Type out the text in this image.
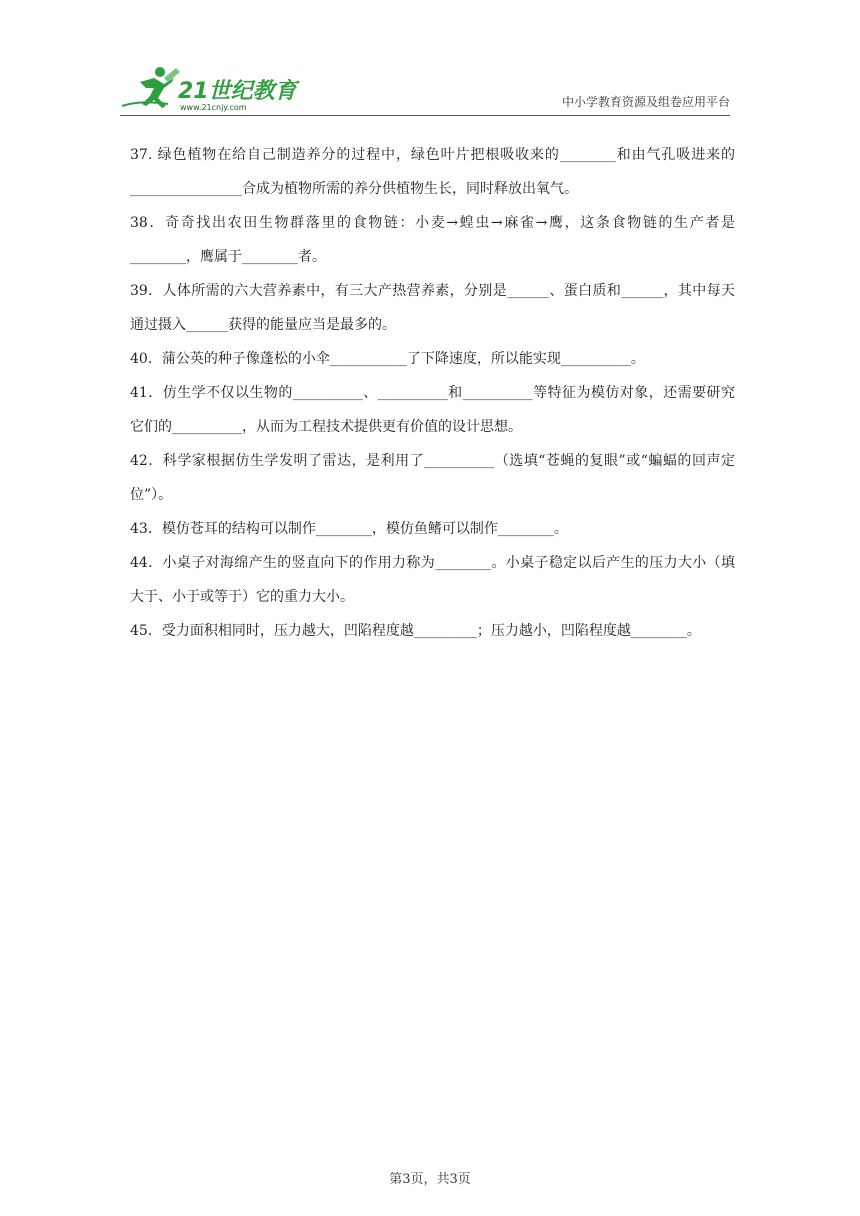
21世纪教育
www.21cnjy.com	中小学教育资源及组卷应用平台

37. 绿色植物在给自己制造养分的过程中，绿色叶片把根吸收来的________和由气孔吸进来的________________合成为植物所需的养分供植物生长，同时释放出氧气。

38．奇奇找出农田生物群落里的食物链：小麦→蝗虫→麻雀→鹰，这条食物链的生产者是________，鹰属于________者。

39．人体所需的六大营养素中，有三大产热营养素，分别是______、蛋白质和______，其中每天通过摄入______获得的能量应当是最多的。

40．蒲公英的种子像蓬松的小伞___________了下降速度，所以能实现__________。

41．仿生学不仅以生物的__________、__________和__________等特征为模仿对象，还需要研究它们的__________，从而为工程技术提供更有价值的设计思想。

42．科学家根据仿生学发明了雷达，是利用了__________（选填“苍蝇的复眼”或“蝙蝠的回声定位”）。

43．模仿苍耳的结构可以制作________，模仿鱼鳍可以制作________。

44．小桌子对海绵产生的竖直向下的作用力称为________。小桌子稳定以后产生的压力大小（填大于、小于或等于）它的重力大小。

45．受力面积相同时，压力越大，凹陷程度越_________；压力越小，凹陷程度越________。

第3页，共3页
